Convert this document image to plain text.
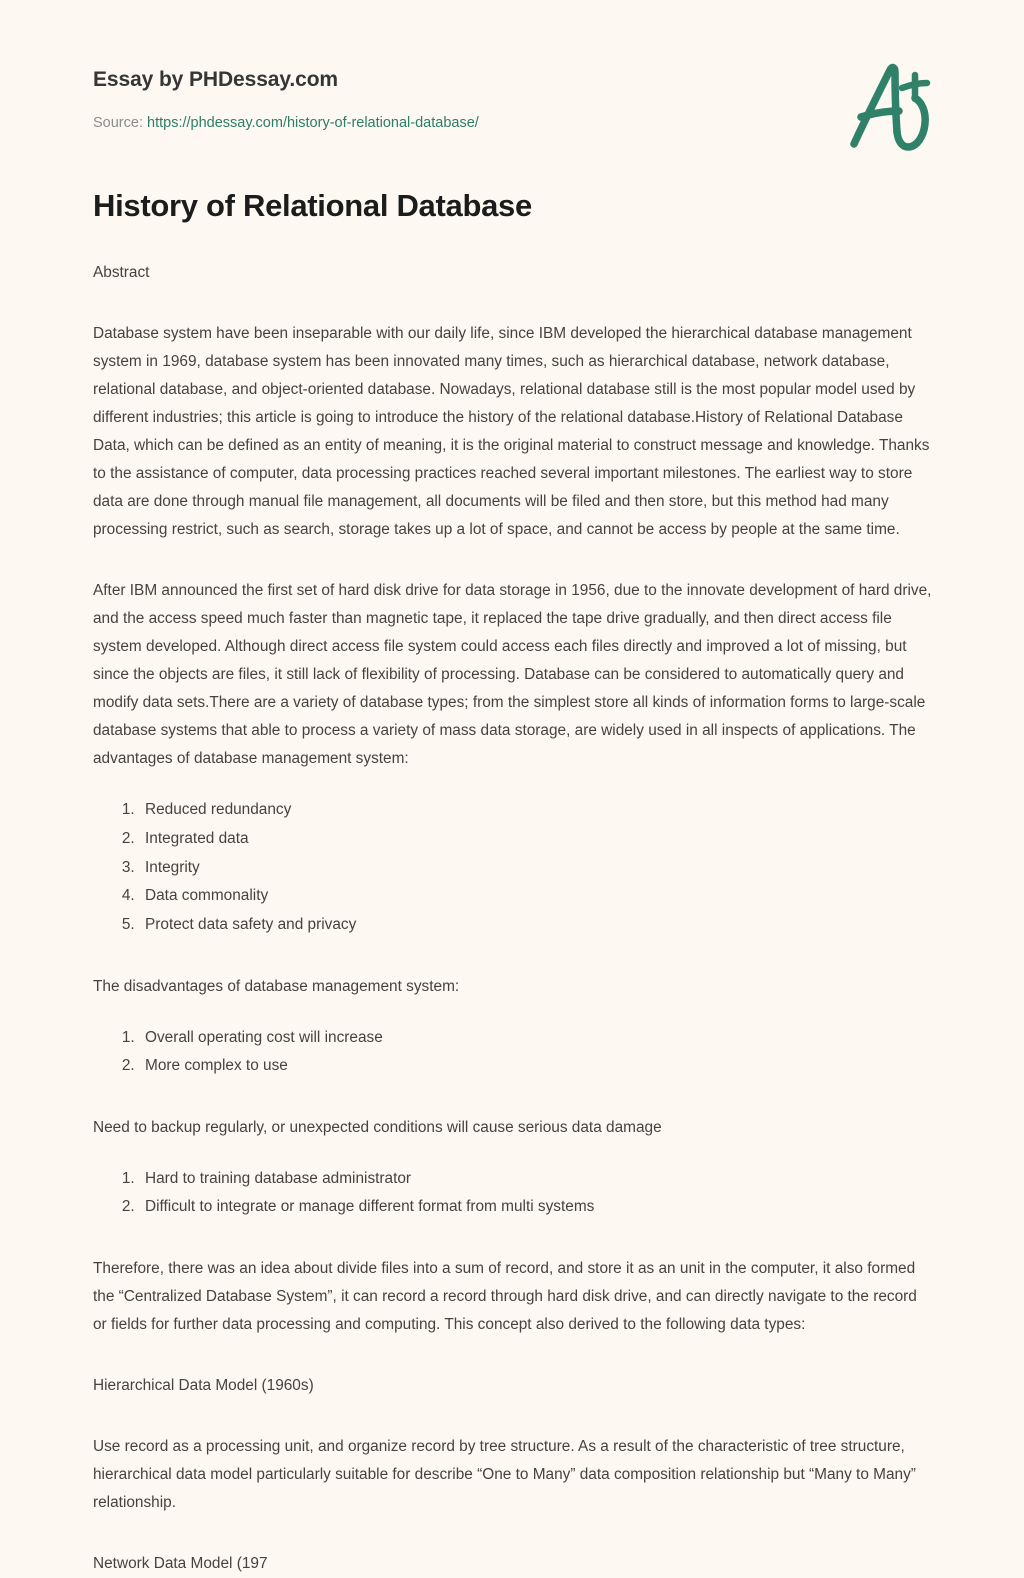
Essay by PHDessay.com
Source: https://phdessay.com/history-of-relational-database/
History of Relational Database

Abstract

Database system have been inseparable with our daily life, since IBM developed the hierarchical database management system in 1969, database system has been innovated many times, such as hierarchical database, network database, relational database, and object-oriented database. Nowadays, relational database still is the most popular model used by different industries; this article is going to introduce the history of the relational database.History of Relational Database Data, which can be defined as an entity of meaning, it is the original material to construct message and knowledge. Thanks to the assistance of computer, data processing practices reached several important milestones. The earliest way to store data are done through manual file management, all documents will be filed and then store, but this method had many processing restrict, such as search, storage takes up a lot of space, and cannot be access by people at the same time.

After IBM announced the first set of hard disk drive for data storage in 1956, due to the innovate development of hard drive, and the access speed much faster than magnetic tape, it replaced the tape drive gradually, and then direct access file system developed. Although direct access file system could access each files directly and improved a lot of missing, but since the objects are files, it still lack of flexibility of processing. Database can be considered to automatically query and modify data sets.There are a variety of database types; from the simplest store all kinds of information forms to large-scale database systems that able to process a variety of mass data storage, are widely used in all inspects of applications. The advantages of database management system:

1. Reduced redundancy
2. Integrated data
3. Integrity
4. Data commonality
5. Protect data safety and privacy

The disadvantages of database management system:

1. Overall operating cost will increase
2. More complex to use

Need to backup regularly, or unexpected conditions will cause serious data damage

1. Hard to training database administrator
2. Difficult to integrate or manage different format from multi systems

Therefore, there was an idea about divide files into a sum of record, and store it as an unit in the computer, it also formed the “Centralized Database System”, it can record a record through hard disk drive, and can directly navigate to the record or fields for further data processing and computing. This concept also derived to the following data types:

Hierarchical Data Model (1960s)

Use record as a processing unit, and organize record by tree structure. As a result of the characteristic of tree structure, hierarchical data model particularly suitable for describe “One to Many” data composition relationship but “Many to Many” relationship.

Network Data Model (197
